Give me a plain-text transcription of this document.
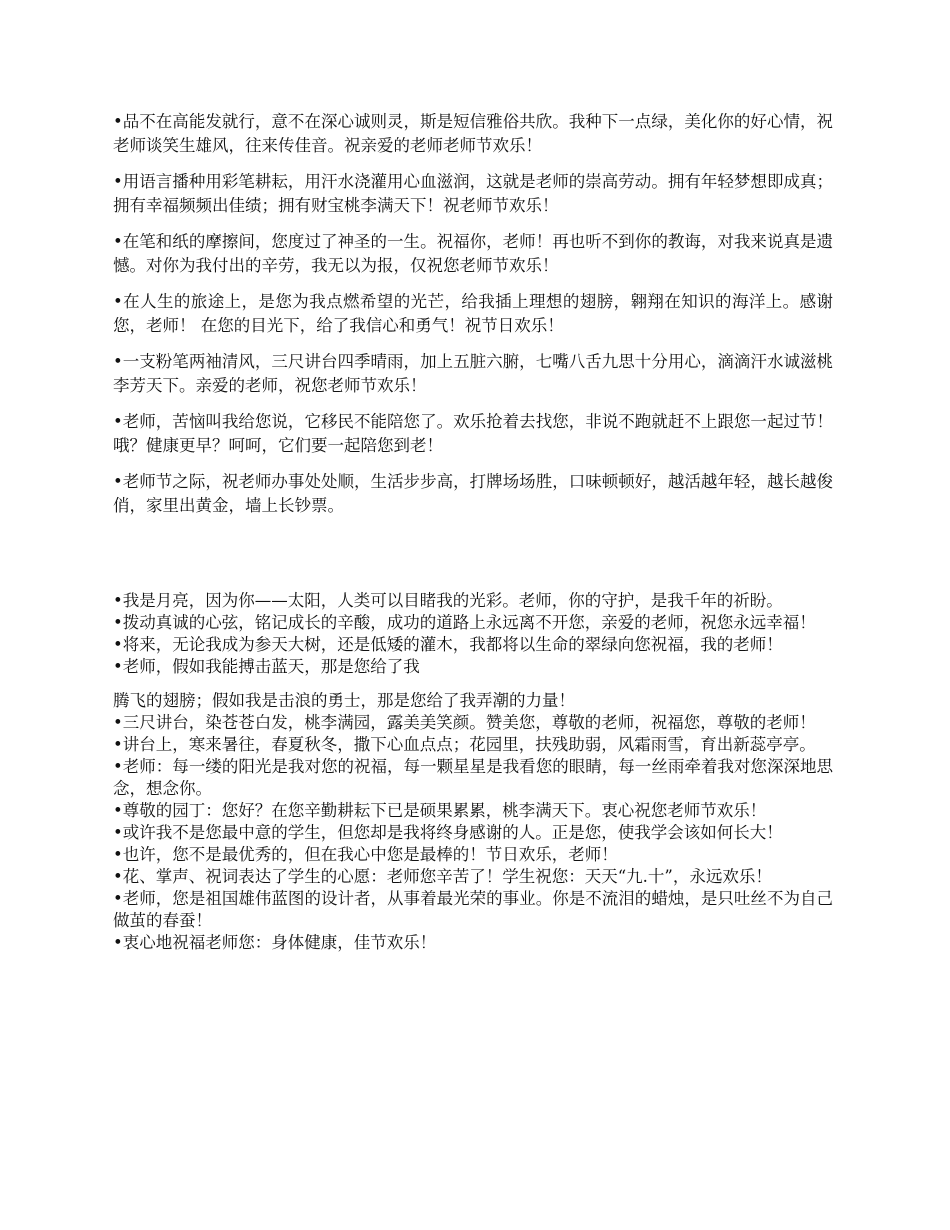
•品不在高能发就行，意不在深心诚则灵，斯是短信雅俗共欣。我种下一点绿，美化你的好心情，祝老师谈笑生雄风，往来传佳音。祝亲爱的老师老师节欢乐！

•用语言播种用彩笔耕耘，用汗水浇灌用心血滋润，这就是老师的崇高劳动。拥有年轻梦想即成真；拥有幸福频频出佳绩；拥有财宝桃李满天下！祝老师节欢乐！

•在笔和纸的摩擦间，您度过了神圣的一生。祝福你，老师！再也听不到你的教诲，对我来说真是遗憾。对你为我付出的辛劳，我无以为报，仅祝您老师节欢乐！

•在人生的旅途上，是您为我点燃希望的光芒，给我插上理想的翅膀，翱翔在知识的海洋上。感谢您，老师！ 在您的目光下，给了我信心和勇气！祝节日欢乐！

•一支粉笔两袖清风，三尺讲台四季晴雨，加上五脏六腑，七嘴八舌九思十分用心，滴滴汗水诚滋桃李芳天下。亲爱的老师，祝您老师节欢乐！

•老师，苦恼叫我给您说，它移民不能陪您了。欢乐抢着去找您，非说不跑就赶不上跟您一起过节！哦？健康更早？呵呵，它们要一起陪您到老！

•老师节之际，祝老师办事处处顺，生活步步高，打牌场场胜，口味顿顿好，越活越年轻，越长越俊俏，家里出黄金，墙上长钞票。

•我是月亮，因为你——太阳，人类可以目睹我的光彩。老师，你的守护，是我千年的祈盼。

•拨动真诚的心弦，铭记成长的辛酸，成功的道路上永远离不开您，亲爱的老师，祝您永远幸福！

•将来，无论我成为参天大树，还是低矮的灌木，我都将以生命的翠绿向您祝福，我的老师！

•老师，假如我能搏击蓝天，那是您给了我

腾飞的翅膀；假如我是击浪的勇士，那是您给了我弄潮的力量！

•三尺讲台，染苍苍白发，桃李满园，露美美笑颜。赞美您，尊敬的老师，祝福您，尊敬的老师！

•讲台上，寒来暑往，春夏秋冬，撒下心血点点；花园里，扶残助弱，风霜雨雪，育出新蕊亭亭。

•老师：每一缕的阳光是我对您的祝福，每一颗星星是我看您的眼睛，每一丝雨牵着我对您深深地思念，想念你。

•尊敬的园丁：您好？在您辛勤耕耘下已是硕果累累，桃李满天下。衷心祝您老师节欢乐！

•或许我不是您最中意的学生，但您却是我将终身感谢的人。正是您，使我学会该如何长大！

•也许，您不是最优秀的，但在我心中您是最棒的！节日欢乐，老师！

•花、掌声、祝词表达了学生的心愿：老师您辛苦了！学生祝您：天天“九.十”，永远欢乐！

•老师，您是祖国雄伟蓝图的设计者，从事着最光荣的事业。你是不流泪的蜡烛，是只吐丝不为自己做茧的春蚕！

•衷心地祝福老师您：身体健康，佳节欢乐！
